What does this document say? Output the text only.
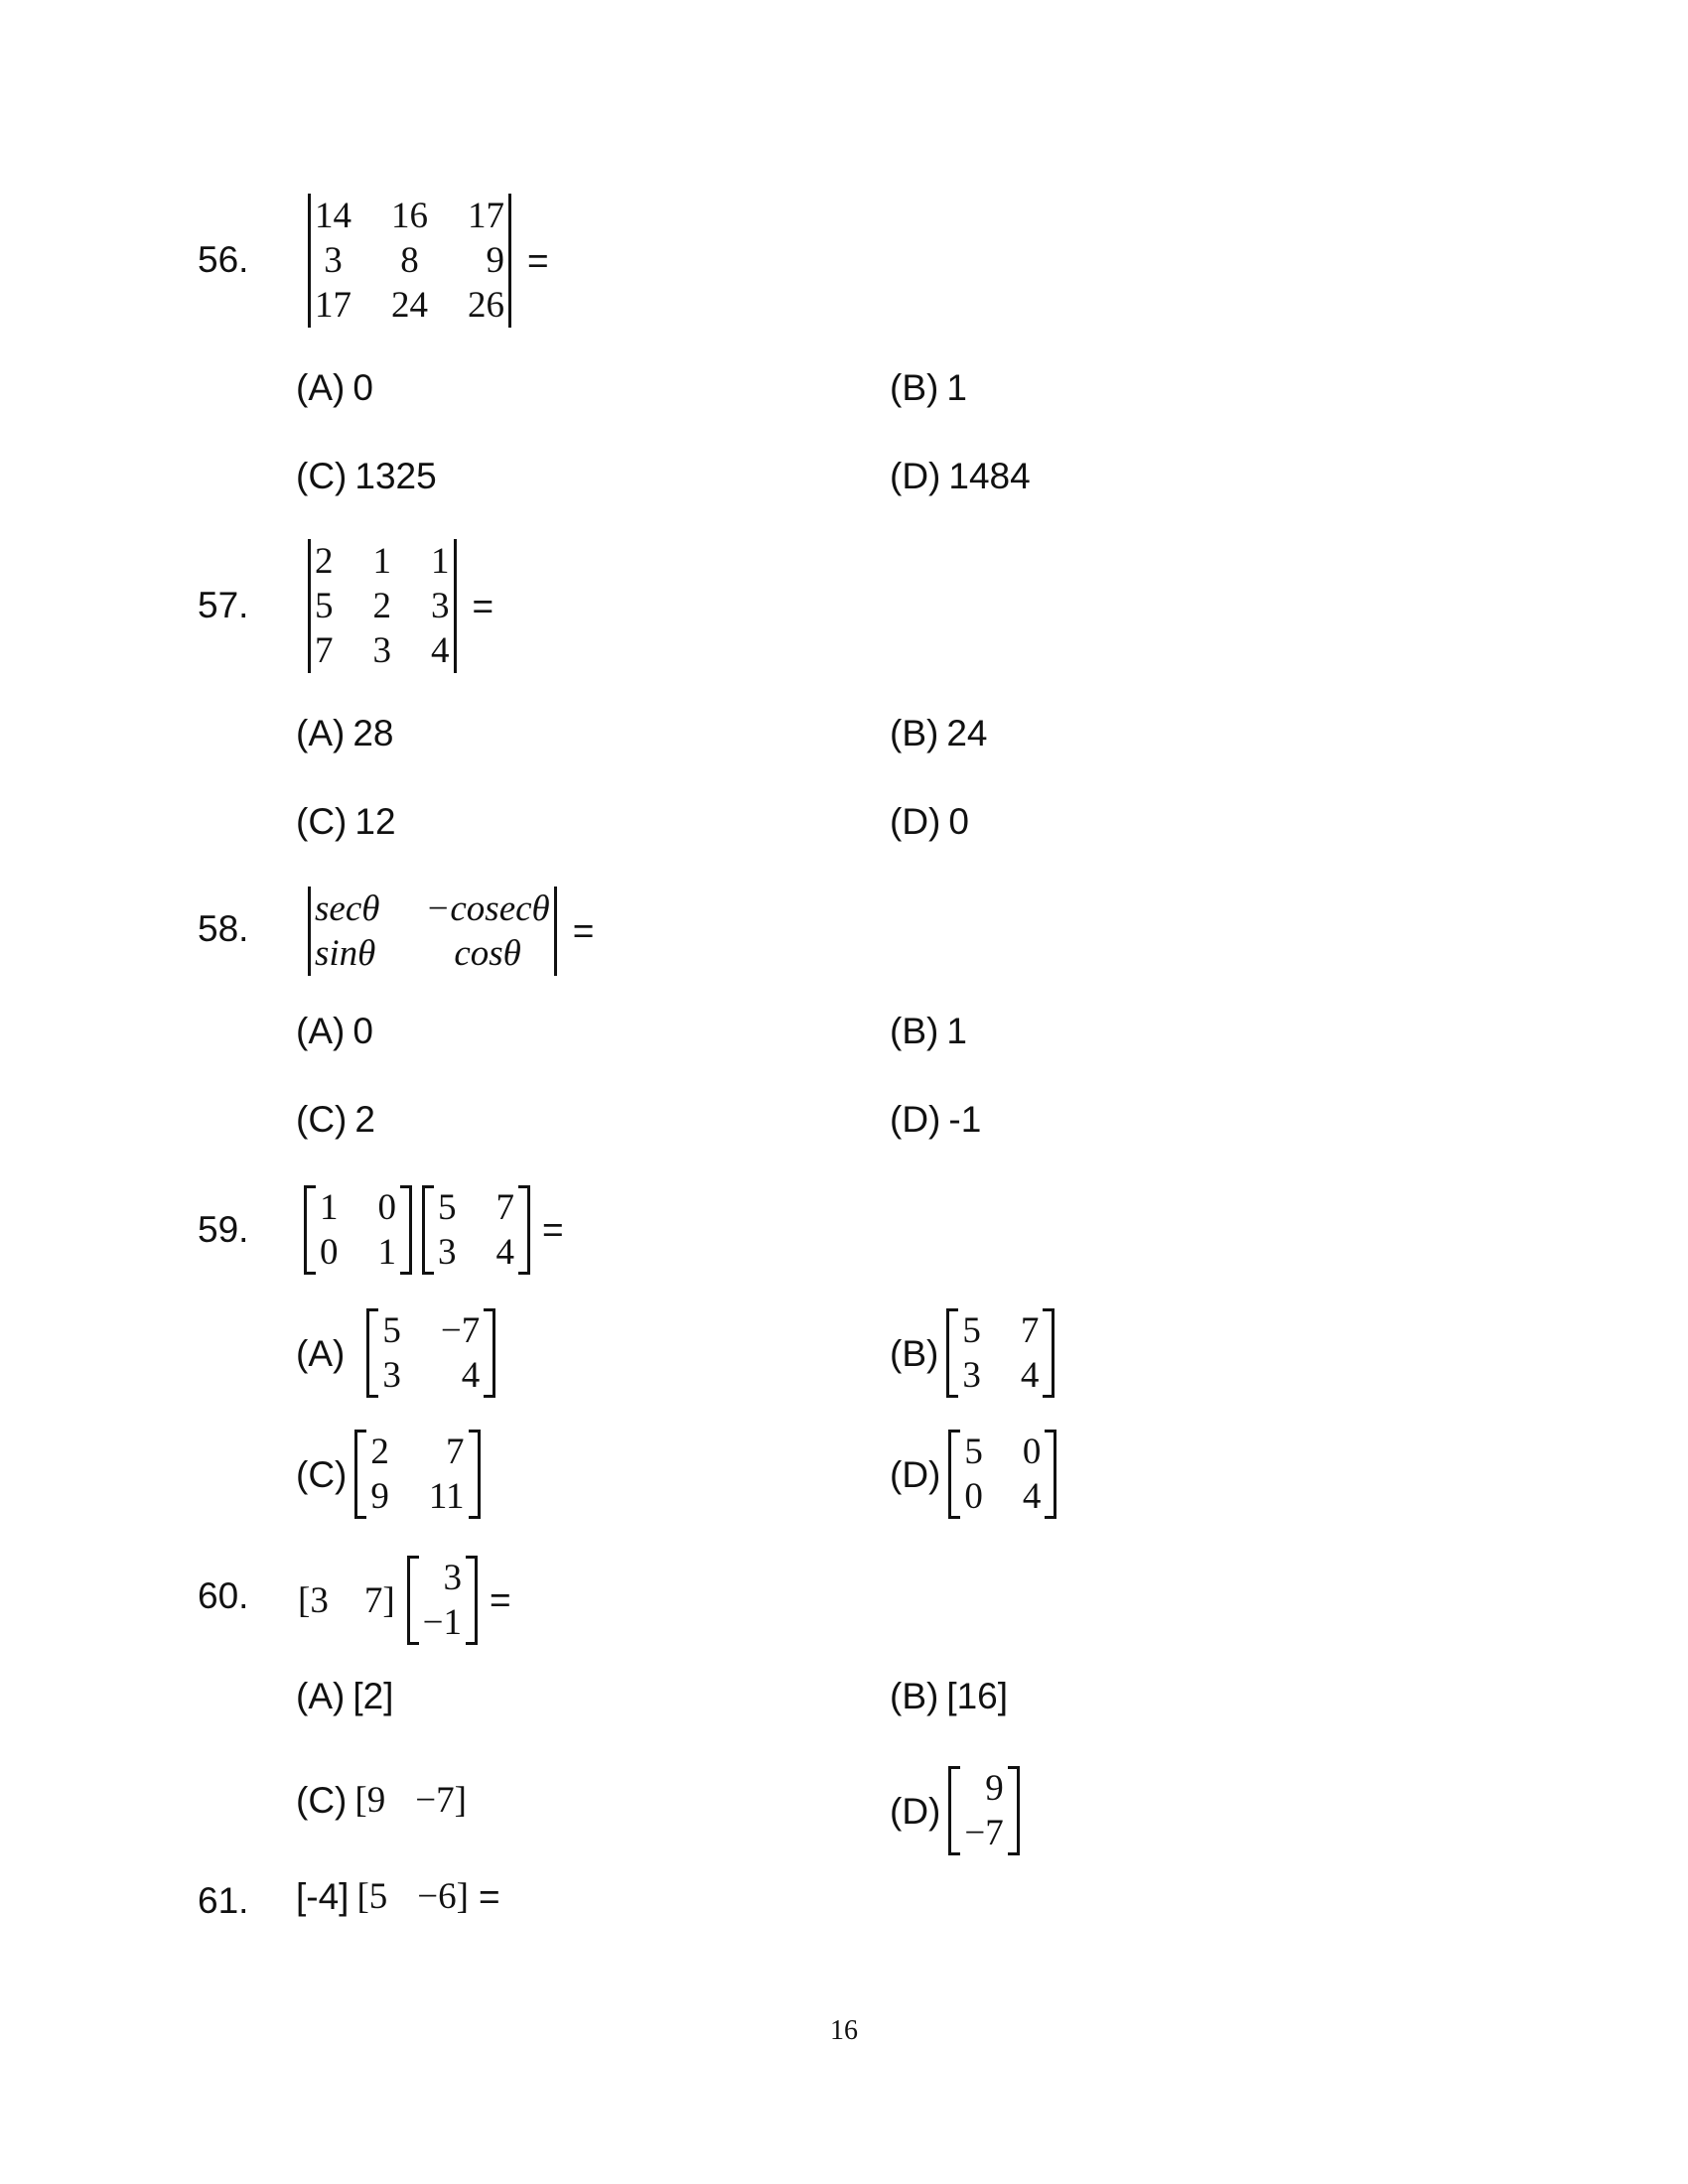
56.
14 16 17
3 8	9
17 24 26
=
(A) 0	(B) 1
(C) 1325	(D) 1484
57.
2 1 1
5 2 3
7 3 4
=
(A) 28	(B) 24
(C) 12	(D) 0
58. secθ −cosecθ
sinθ	cosθ
=
(A) 0	(B) 1
(C) 2	(D) -1
59.
1 0
0 1
5 7
3 4
=
(A)
5 −7
3	4
(B)
5 7
3 4
(C)
2	7
9 11
(D)
5 0
0 4
60. [3 7]
3
−1
=
(A) [2]	(B) [16]
(C) [9 −7]	(D)
9
−7
61. [-4] [5 −6] =
16
